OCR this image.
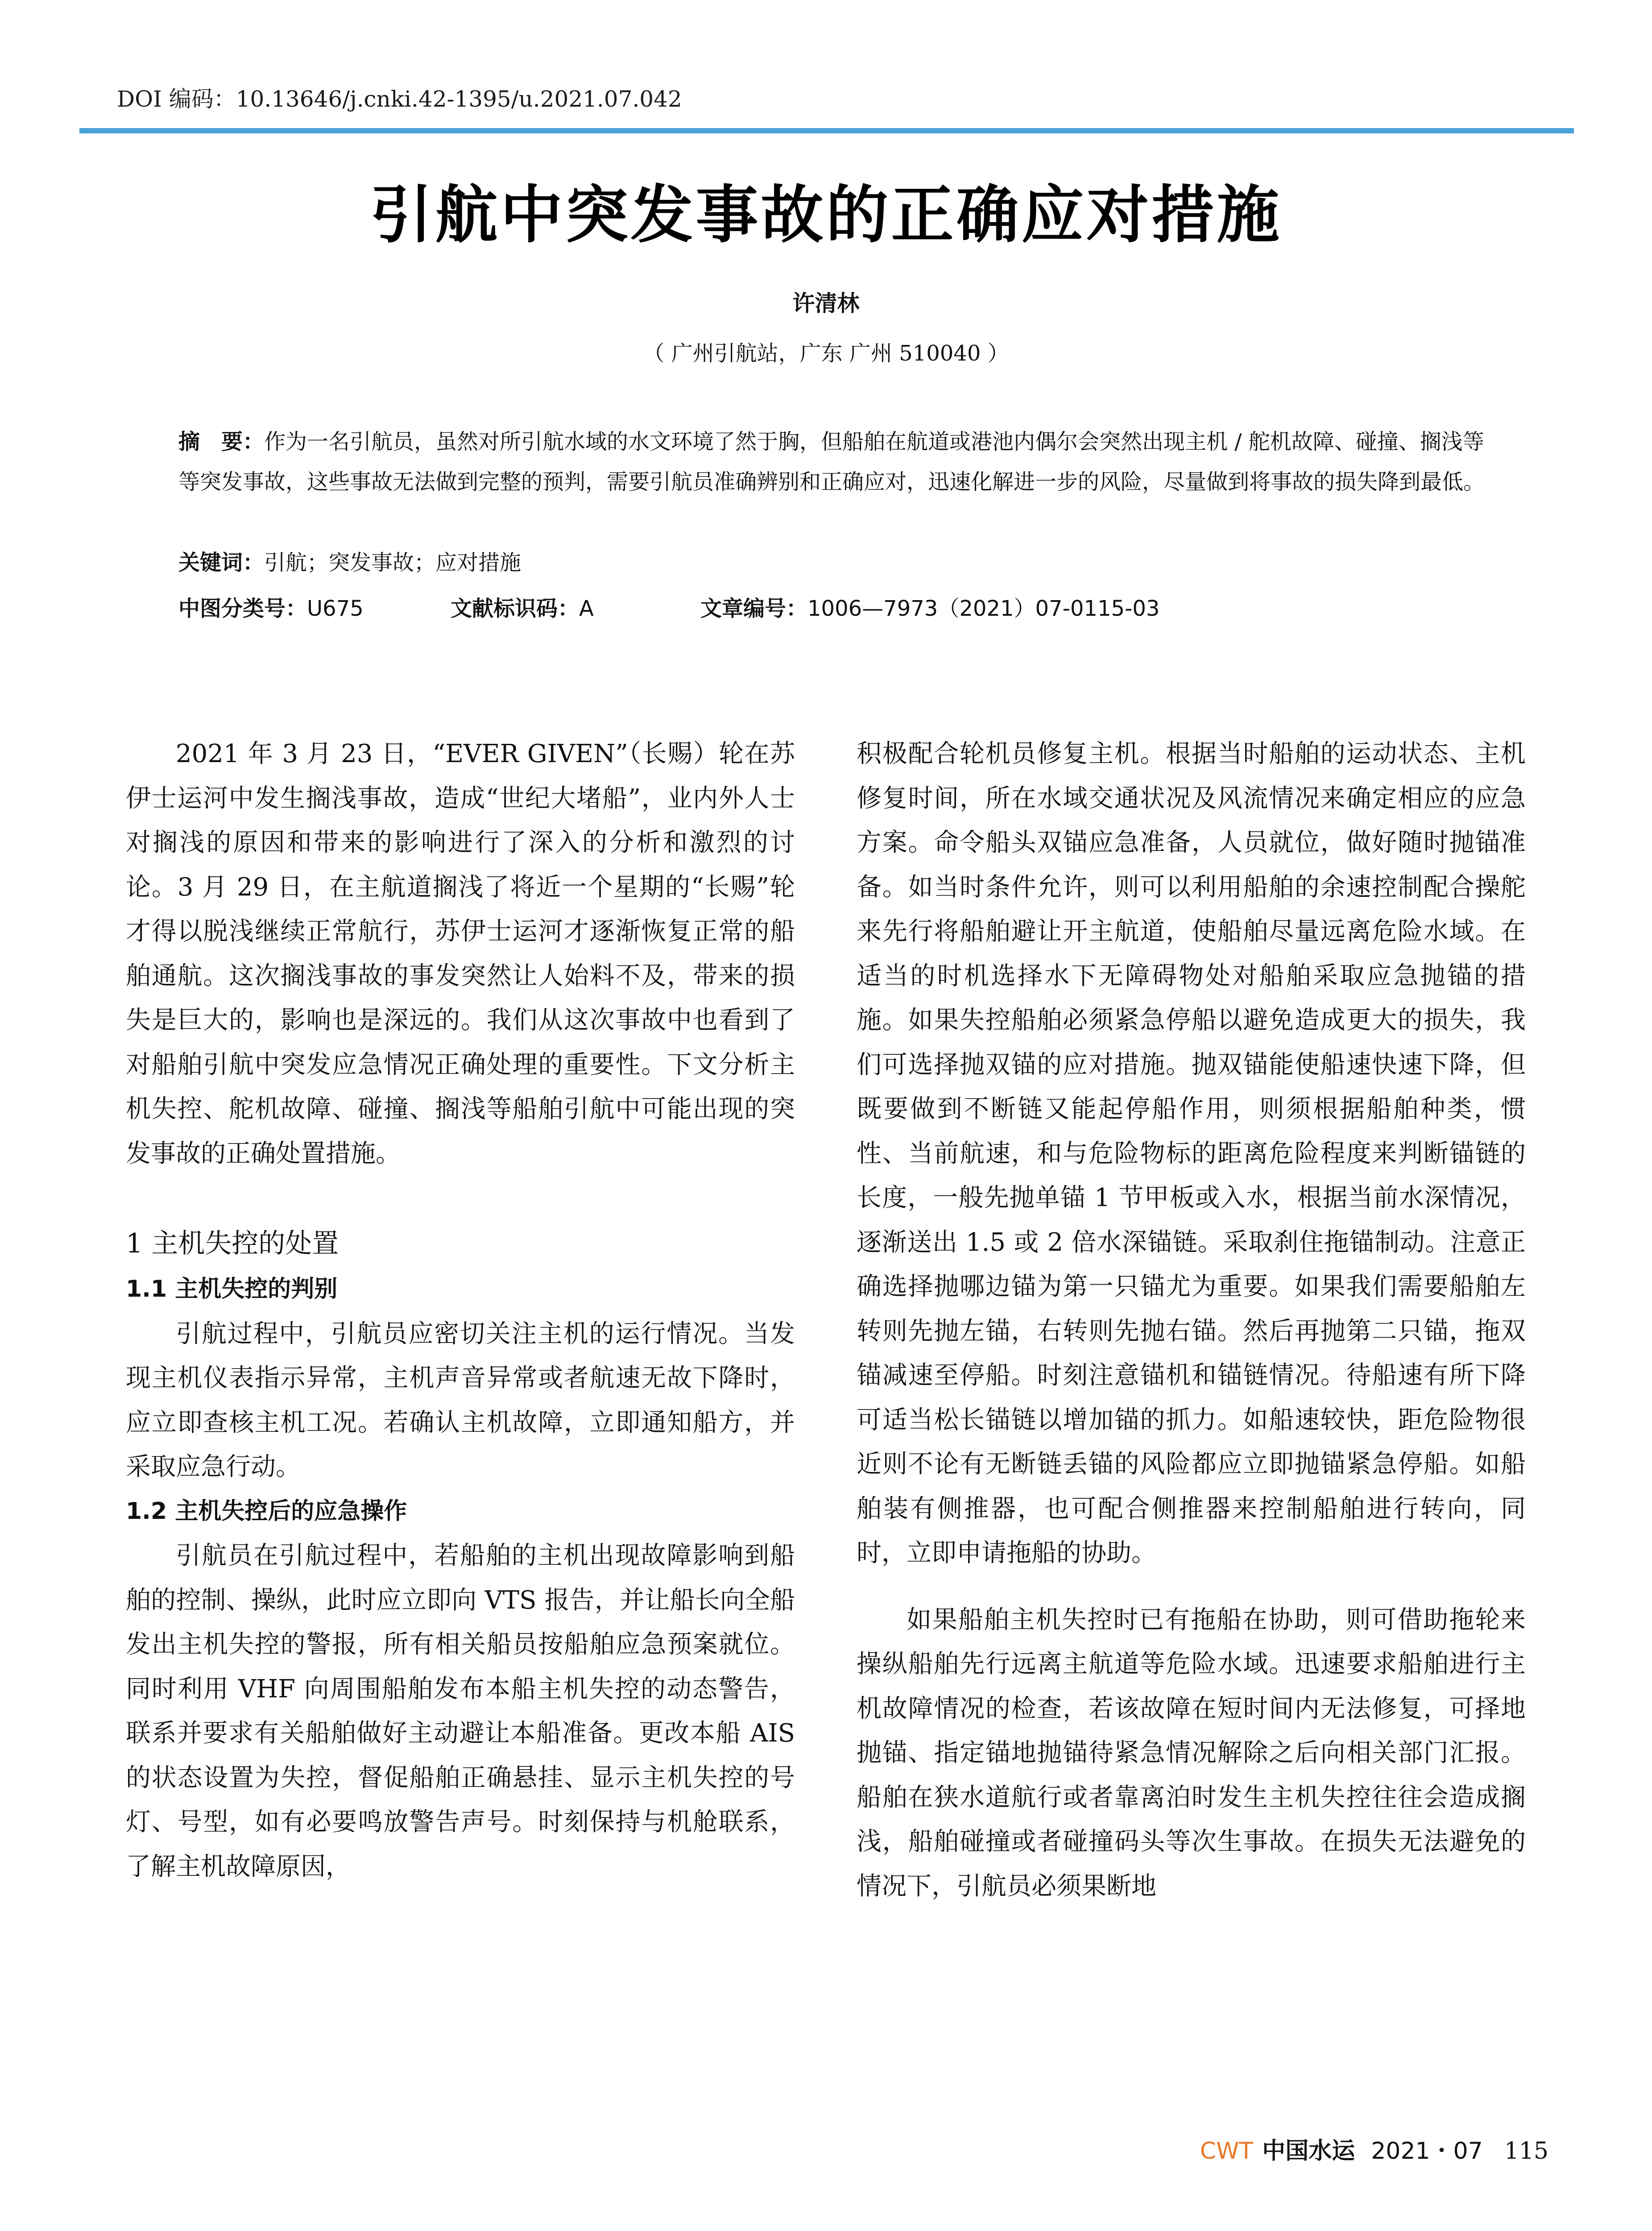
DOI 编码：10.13646/j.cnki.42-1395/u.2021.07.042
引航中突发事故的正确应对措施
许清林
（ 广州引航站，广东 广州 510040 ）
摘　要：作为一名引航员，虽然对所引航水域的水文环境了然于胸，但船舶在航道或港池内偶尔会突然出现主机 / 舵机故障、碰撞、搁浅等等突发事故，这些事故无法做到完整的预判，需要引航员准确辨别和正确应对，迅速化解进一步的风险，尽量做到将事故的损失降到最低。
关键词：引航；突发事故；应对措施
中图分类号：U675	文献标识码：A	文章编号：1006—7973（2021）07-0115-03

2021 年 3 月 23 日，“EVER GIVEN”（长赐）轮在苏伊士运河中发生搁浅事故，造成“世纪大堵船”，业内外人士对搁浅的原因和带来的影响进行了深入的分析和激烈的讨论。3 月 29 日，在主航道搁浅了将近一个星期的“长赐”轮才得以脱浅继续正常航行，苏伊士运河才逐渐恢复正常的船舶通航。这次搁浅事故的事发突然让人始料不及，带来的损失是巨大的，影响也是深远的。我们从这次事故中也看到了对船舶引航中突发应急情况正确处理的重要性。下文分析主机失控、舵机故障、碰撞、搁浅等船舶引航中可能出现的突发事故的正确处置措施。

1 主机失控的处置
1.1 主机失控的判别

引航过程中，引航员应密切关注主机的运行情况。当发现主机仪表指示异常，主机声音异常或者航速无故下降时，应立即查核主机工况。若确认主机故障，立即通知船方，并采取应急行动。

1.2 主机失控后的应急操作

引航员在引航过程中，若船舶的主机出现故障影响到船舶的控制、操纵，此时应立即向 VTS 报告，并让船长向全船发出主机失控的警报，所有相关船员按船舶应急预案就位。同时利用 VHF 向周围船舶发布本船主机失控的动态警告，联系并要求有关船舶做好主动避让本船准备。更改本船 AIS 的状态设置为失控，督促船舶正确悬挂、显示主机失控的号灯、号型，如有必要鸣放警告声号。时刻保持与机舱联系，了解主机故障原因，

积极配合轮机员修复主机。根据当时船舶的运动状态、主机修复时间，所在水域交通状况及风流情况来确定相应的应急方案。命令船头双锚应急准备，人员就位，做好随时抛锚准备。如当时条件允许，则可以利用船舶的余速控制配合操舵来先行将船舶避让开主航道，使船舶尽量远离危险水域。在适当的时机选择水下无障碍物处对船舶采取应急抛锚的措施。如果失控船舶必须紧急停船以避免造成更大的损失，我们可选择抛双锚的应对措施。抛双锚能使船速快速下降，但既要做到不断链又能起停船作用，则须根据船舶种类，惯性、当前航速，和与危险物标的距离危险程度来判断锚链的长度，一般先抛单锚 1 节甲板或入水，根据当前水深情况，逐渐送出 1.5 或 2 倍水深锚链。采取刹住拖锚制动。注意正确选择抛哪边锚为第一只锚尤为重要。如果我们需要船舶左转则先抛左锚，右转则先抛右锚。然后再抛第二只锚，拖双锚减速至停船。时刻注意锚机和锚链情况。待船速有所下降可适当松长锚链以增加锚的抓力。如船速较快，距危险物很近则不论有无断链丢锚的风险都应立即抛锚紧急停船。如船舶装有侧推器，也可配合侧推器来控制船舶进行转向，同时，立即申请拖船的协助。

如果船舶主机失控时已有拖船在协助，则可借助拖轮来操纵船舶先行远离主航道等危险水域。迅速要求船舶进行主机故障情况的检查，若该故障在短时间内无法修复，可择地抛锚、指定锚地抛锚待紧急情况解除之后向相关部门汇报。船舶在狭水道航行或者靠离泊时发生主机失控往往会造成搁浅，船舶碰撞或者碰撞码头等次生事故。在损失无法避免的情况下，引航员必须果断地

CWT 中国水运 2021・07 115
